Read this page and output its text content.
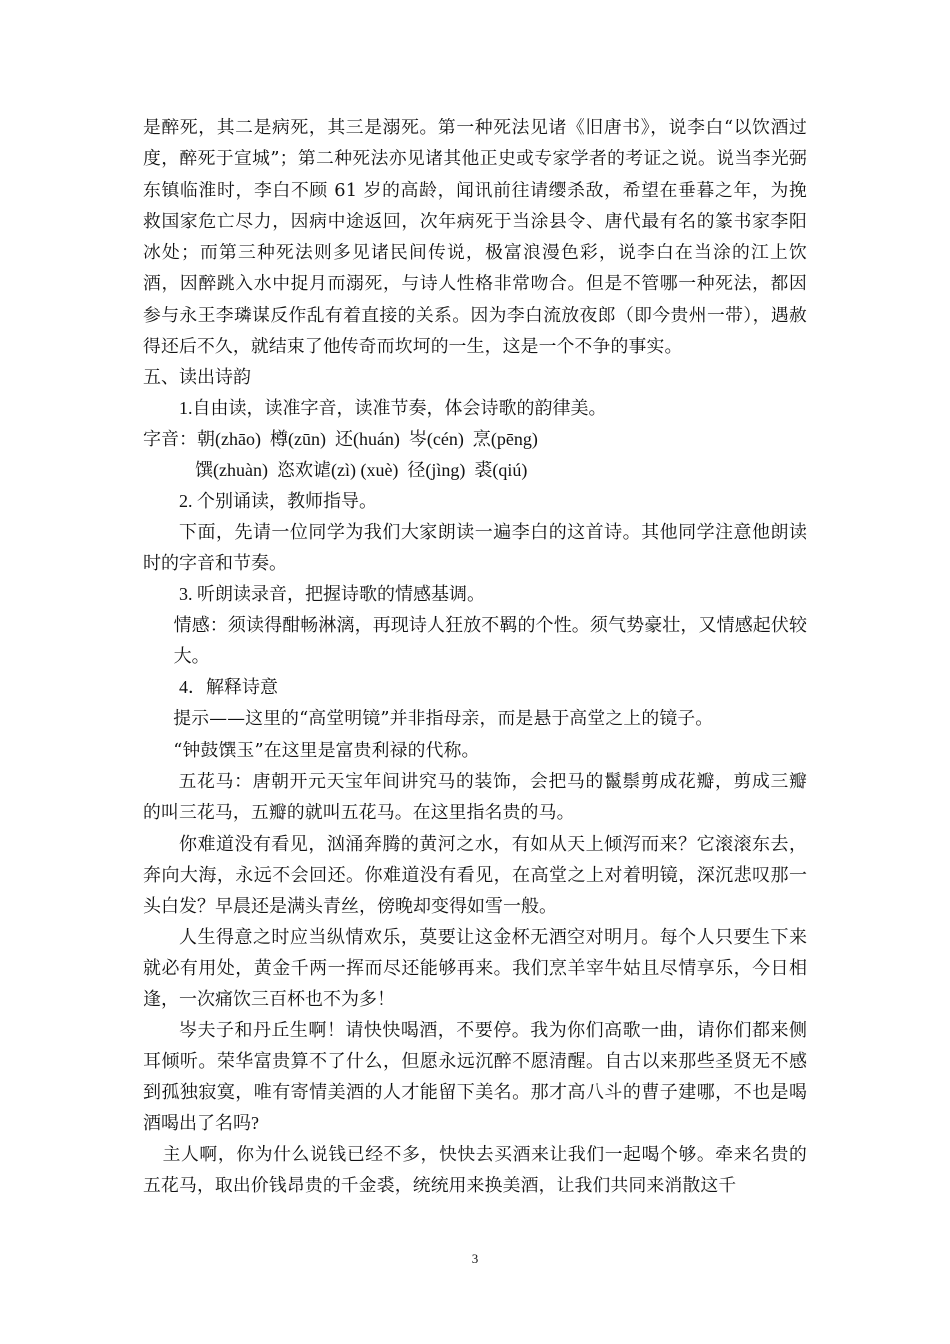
是醉死，其二是病死，其三是溺死。第一种死法见诸《旧唐书》，说李白“以饮酒过度，醉死于宣城”；第二种死法亦见诸其他正史或专家学者的考证之说。说当李光弼东镇临淮时，李白不顾 61 岁的高龄，闻讯前往请缨杀敌，希望在垂暮之年，为挽救国家危亡尽力，因病中途返回，次年病死于当涂县令、唐代最有名的篆书家李阳冰处；而第三种死法则多见诸民间传说，极富浪漫色彩，说李白在当涂的江上饮酒，因醉跳入水中捉月而溺死，与诗人性格非常吻合。但是不管哪一种死法，都因参与永王李璘谋反作乱有着直接的关系。因为李白流放夜郎（即今贵州一带），遇赦得还后不久，就结束了他传奇而坎坷的一生，这是一个不争的事实。

五、读出诗韵

1.自由读，读准字音，读准节奏，体会诗歌的韵律美。

字音：朝(zhāo)  樽(zūn)  还(huán)  岑(cén)  烹(pēng)

馔(zhuàn)  恣欢谑(zì) (xuè)  径(jìng)  裘(qiú)

2. 个别诵读，教师指导。

下面，先请一位同学为我们大家朗读一遍李白的这首诗。其他同学注意他朗读时的字音和节奏。

3. 听朗读录音，把握诗歌的情感基调。

情感：须读得酣畅淋漓，再现诗人狂放不羁的个性。须气势豪壮，又情感起伏较大。

4．解释诗意

提示——这里的“高堂明镜”并非指母亲，而是悬于高堂之上的镜子。

“钟鼓馔玉”在这里是富贵利禄的代称。

五花马：唐朝开元天宝年间讲究马的装饰，会把马的鬣鬃剪成花瓣，剪成三瓣的叫三花马，五瓣的就叫五花马。在这里指名贵的马。

你难道没有看见，汹涌奔腾的黄河之水，有如从天上倾泻而来？它滚滚东去，奔向大海，永远不会回还。你难道没有看见，在高堂之上对着明镜，深沉悲叹那一头白发？早晨还是满头青丝，傍晚却变得如雪一般。

人生得意之时应当纵情欢乐，莫要让这金杯无酒空对明月。每个人只要生下来就必有用处，黄金千两一挥而尽还能够再来。我们烹羊宰牛姑且尽情享乐，今日相逢，一次痛饮三百杯也不为多！

岑夫子和丹丘生啊！请快快喝酒，不要停。我为你们高歌一曲，请你们都来侧耳倾听。荣华富贵算不了什么，但愿永远沉醉不愿清醒。自古以来那些圣贤无不感到孤独寂寞，唯有寄情美酒的人才能留下美名。那才高八斗的曹子建哪，不也是喝酒喝出了名吗?

主人啊，你为什么说钱已经不多，快快去买酒来让我们一起喝个够。牵来名贵的五花马，取出价钱昂贵的千金裘，统统用来换美酒，让我们共同来消散这千

3
